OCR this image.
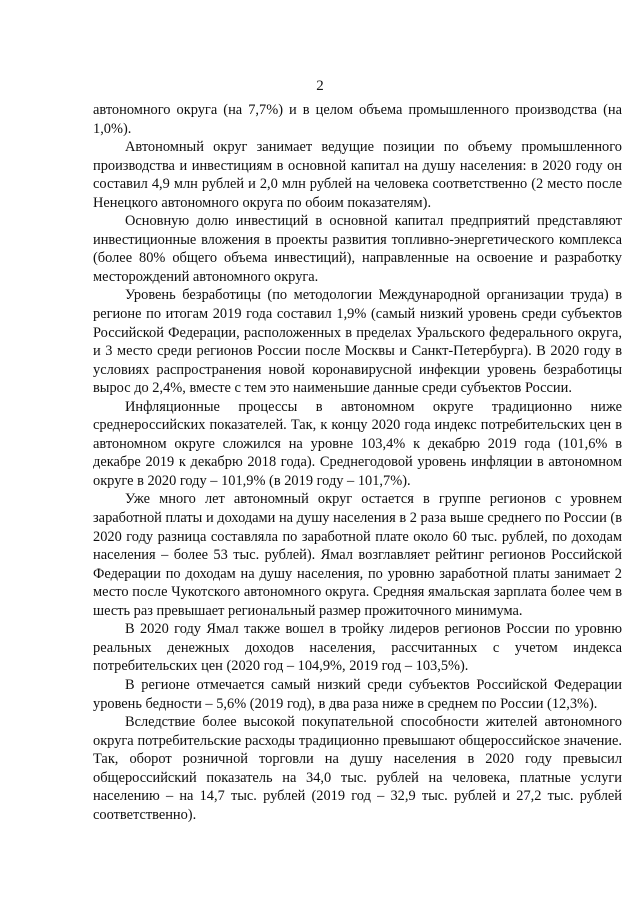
2

автономного округа (на 7,7%) и в целом объема промышленного производства (на 1,0%).

Автономный округ занимает ведущие позиции по объему промышленного производства и инвестициям в основной капитал на душу населения: в 2020 году он составил 4,9 млн рублей и 2,0 млн рублей на человека соответственно (2 место после Ненецкого автономного округа по обоим показателям).

Основную долю инвестиций в основной капитал предприятий представляют инвестиционные вложения в проекты развития топливно-энергетического комплекса (более 80% общего объема инвестиций), направленные на освоение и разработку месторождений автономного округа.

Уровень безработицы (по методологии Международной организации труда) в регионе по итогам 2019 года составил 1,9% (самый низкий уровень среди субъектов Российской Федерации, расположенных в пределах Уральского федерального округа, и 3 место среди регионов России после Москвы и Санкт-Петербурга). В 2020 году в условиях распространения новой коронавирусной инфекции уровень безработицы вырос до 2,4%, вместе с тем это наименьшие данные среди субъектов России.

Инфляционные процессы в автономном округе традиционно ниже среднероссийских показателей. Так, к концу 2020 года индекс потребительских цен в автономном округе сложился на уровне 103,4% к декабрю 2019 года (101,6% в декабре 2019 к декабрю 2018 года). Среднегодовой уровень инфляции в автономном округе в 2020 году – 101,9% (в 2019 году – 101,7%).

Уже много лет автономный округ остается в группе регионов с уровнем заработной платы и доходами на душу населения в 2 раза выше среднего по России (в 2020 году разница составляла по заработной плате около 60 тыс. рублей, по доходам населения – более 53 тыс. рублей). Ямал возглавляет рейтинг регионов Российской Федерации по доходам на душу населения, по уровню заработной платы занимает 2 место после Чукотского автономного округа. Средняя ямальская зарплата более чем в шесть раз превышает региональный размер прожиточного минимума.

В 2020 году Ямал также вошел в тройку лидеров регионов России по уровню реальных денежных доходов населения, рассчитанных с учетом индекса потребительских цен (2020 год – 104,9%, 2019 год – 103,5%).

В регионе отмечается самый низкий среди субъектов Российской Федерации уровень бедности – 5,6% (2019 год), в два раза ниже в среднем по России (12,3%).

Вследствие более высокой покупательной способности жителей автономного округа потребительские расходы традиционно превышают общероссийское значение. Так, оборот розничной торговли на душу населения в 2020 году превысил общероссийский показатель на 34,0 тыс. рублей на человека, платные услуги населению – на 14,7 тыс. рублей (2019 год – 32,9 тыс. рублей и 27,2 тыс. рублей соответственно).
